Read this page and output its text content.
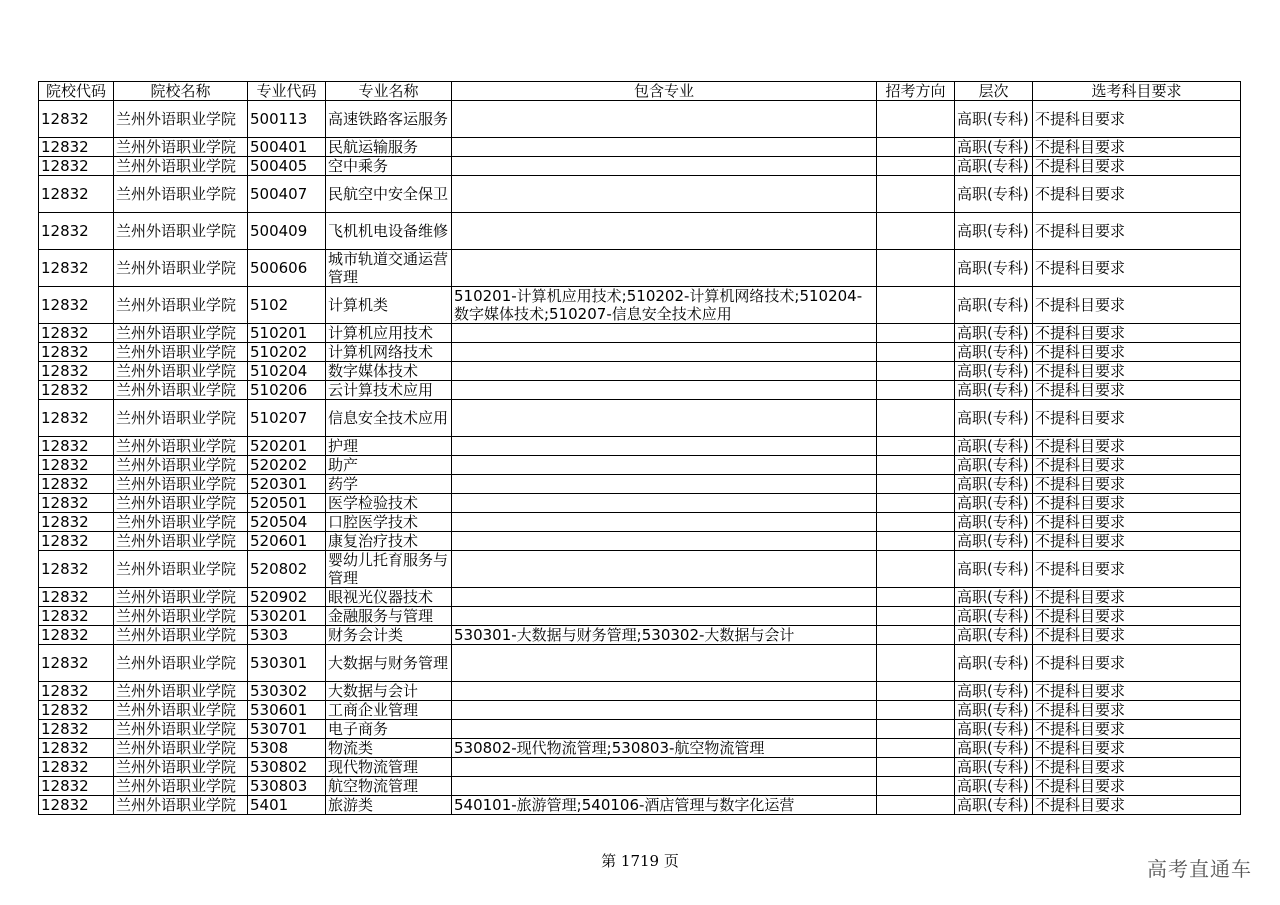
院校代码	院校名称	专业代码	专业名称	包含专业	招考方向	层次	选考科目要求

12832	兰州外语职业学院	500113	高速铁路客运服务			高职(专科)	不提科目要求

12832	兰州外语职业学院	500401	民航运输服务			高职(专科)	不提科目要求

12832	兰州外语职业学院	500405	空中乘务			高职(专科)	不提科目要求

12832	兰州外语职业学院	500407	民航空中安全保卫			高职(专科)	不提科目要求

12832	兰州外语职业学院	500409	飞机机电设备维修			高职(专科)	不提科目要求

12832	兰州外语职业学院	500606	城市轨道交通运营管理			高职(专科)	不提科目要求

12832	兰州外语职业学院	5102	计算机类	510201-计算机应用技术;510202-计算机网络技术;510204-数字媒体技术;510207-信息安全技术应用		高职(专科)	不提科目要求

12832	兰州外语职业学院	510201	计算机应用技术			高职(专科)	不提科目要求

12832	兰州外语职业学院	510202	计算机网络技术			高职(专科)	不提科目要求

12832	兰州外语职业学院	510204	数字媒体技术			高职(专科)	不提科目要求

12832	兰州外语职业学院	510206	云计算技术应用			高职(专科)	不提科目要求

12832	兰州外语职业学院	510207	信息安全技术应用			高职(专科)	不提科目要求

12832	兰州外语职业学院	520201	护理			高职(专科)	不提科目要求

12832	兰州外语职业学院	520202	助产			高职(专科)	不提科目要求

12832	兰州外语职业学院	520301	药学			高职(专科)	不提科目要求

12832	兰州外语职业学院	520501	医学检验技术			高职(专科)	不提科目要求

12832	兰州外语职业学院	520504	口腔医学技术			高职(专科)	不提科目要求

12832	兰州外语职业学院	520601	康复治疗技术			高职(专科)	不提科目要求

12832	兰州外语职业学院	520802	婴幼儿托育服务与管理			高职(专科)	不提科目要求

12832	兰州外语职业学院	520902	眼视光仪器技术			高职(专科)	不提科目要求

12832	兰州外语职业学院	530201	金融服务与管理			高职(专科)	不提科目要求

12832	兰州外语职业学院	5303	财务会计类	530301-大数据与财务管理;530302-大数据与会计		高职(专科)	不提科目要求

12832	兰州外语职业学院	530301	大数据与财务管理			高职(专科)	不提科目要求

12832	兰州外语职业学院	530302	大数据与会计			高职(专科)	不提科目要求

12832	兰州外语职业学院	530601	工商企业管理			高职(专科)	不提科目要求

12832	兰州外语职业学院	530701	电子商务			高职(专科)	不提科目要求

12832	兰州外语职业学院	5308	物流类	530802-现代物流管理;530803-航空物流管理		高职(专科)	不提科目要求

12832	兰州外语职业学院	530802	现代物流管理			高职(专科)	不提科目要求

12832	兰州外语职业学院	530803	航空物流管理			高职(专科)	不提科目要求

12832	兰州外语职业学院	5401	旅游类	540101-旅游管理;540106-酒店管理与数字化运营		高职(专科)	不提科目要求
第 1719 页	高考直通车
